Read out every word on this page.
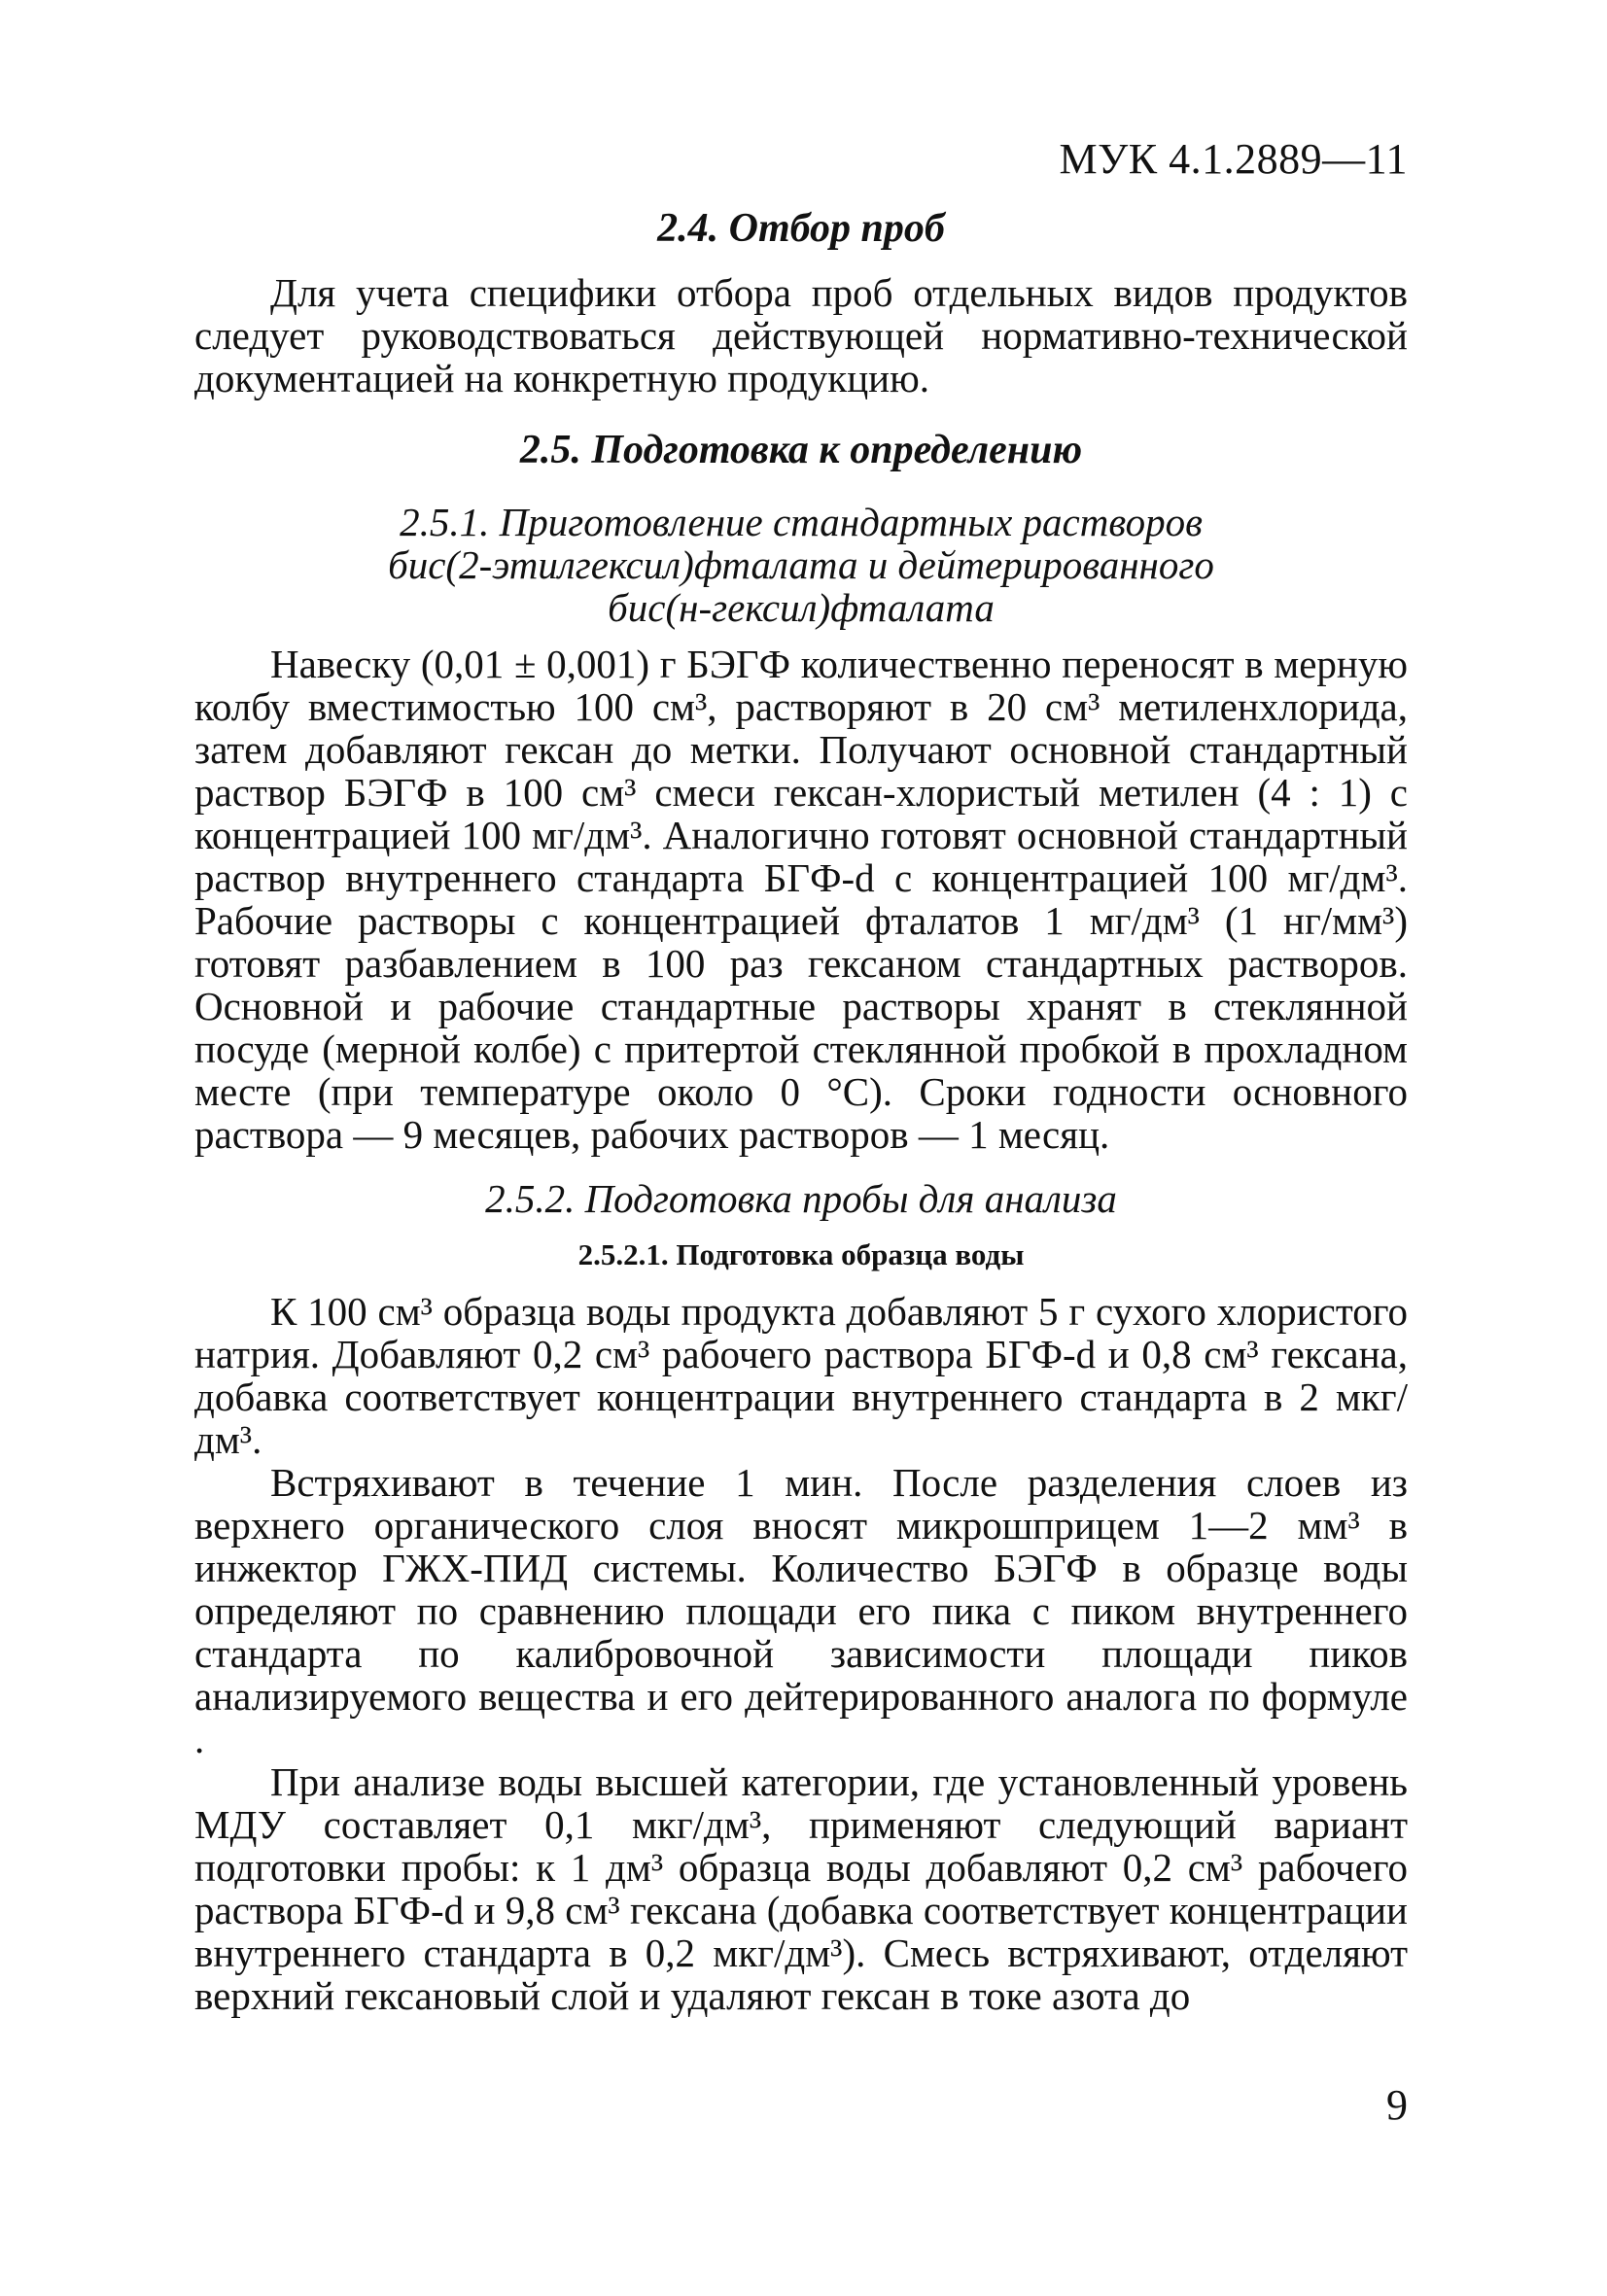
МУК 4.1.2889—11
2.4. Отбор проб

Для учета специфики отбора проб отдельных видов продуктов следует руководствоваться действующей нормативно-технической документацией на конкретную продукцию.

2.5. Подготовка к определению
2.5.1. Приготовление стандартных растворов
бис(2-этилгексил)фталата и дейтерированного
бис(н-гексил)фталата

Навеску (0,01 ± 0,001) г БЭГФ количественно переносят в мерную колбу вместимостью 100 см³, растворяют в 20 см³ метиленхлорида, затем добавляют гексан до метки. Получают основной стандартный раствор БЭГФ в 100 см³ смеси гексан-хлористый метилен (4 : 1) с концентрацией 100 мг/дм³. Аналогично готовят основной стандартный раствор внутреннего стандарта БГФ-d с концентрацией 100 мг/дм³. Рабочие растворы с концентрацией фталатов 1 мг/дм³ (1 нг/мм³) готовят разбавлением в 100 раз гексаном стандартных растворов. Основной и рабочие стандартные растворы хранят в стеклянной посуде (мерной колбе) с притертой стеклянной пробкой в прохладном месте (при температуре около 0 °С). Сроки годности основного раствора — 9 месяцев, рабочих растворов — 1 месяц.

2.5.2. Подготовка пробы для анализа
2.5.2.1. Подготовка образца воды

К 100 см³ образца воды продукта добавляют 5 г сухого хлористого натрия. Добавляют 0,2 см³ рабочего раствора БГФ-d и 0,8 см³ гексана, добавка соответствует концентрации внутреннего стандарта в 2 мкг/дм³.

Встряхивают в течение 1 мин. После разделения слоев из верхнего органического слоя вносят микрошприцем 1—2 мм³ в инжектор ГЖХ-ПИД системы. Количество БЭГФ в образце воды определяют по сравнению площади его пика с пиком внутреннего стандарта по калибровочной зависимости площади пиков анализируемого вещества и его дейтерированного аналога по формуле .

При анализе воды высшей категории, где установленный уровень МДУ составляет 0,1 мкг/дм³, применяют следующий вариант подготовки пробы: к 1 дм³ образца воды добавляют 0,2 см³ рабочего раствора БГФ-d и 9,8 см³ гексана (добавка соответствует концентрации внутреннего стандарта в 0,2 мкг/дм³). Смесь встряхивают, отделяют верхний гексановый слой и удаляют гексан в токе азота до

9
